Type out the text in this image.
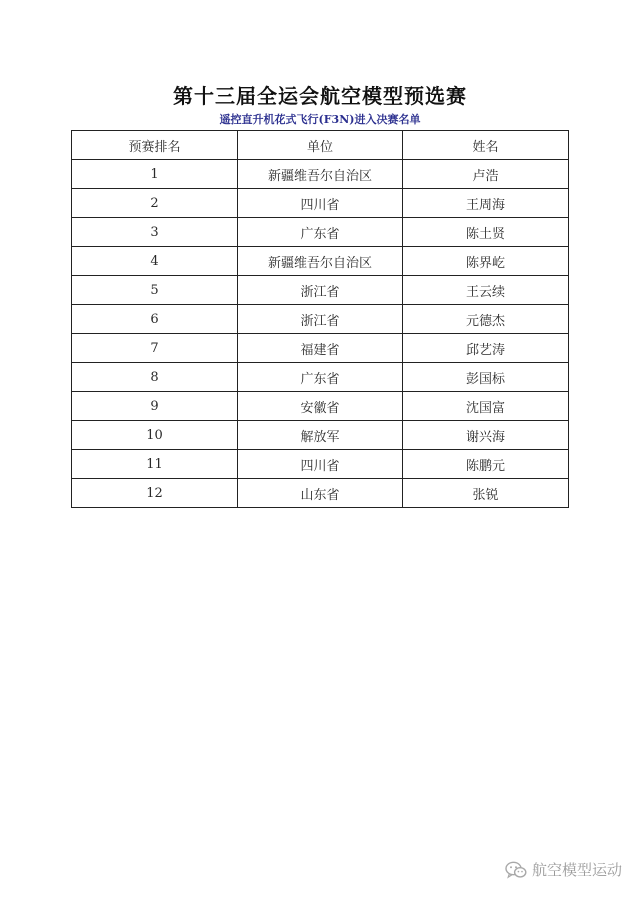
第十三届全运会航空模型预选赛
遥控直升机花式飞行(F3N)进入决赛名单
预赛排名	单位	姓名
1	新疆维吾尔自治区	卢浩
2	四川省	王周海
3	广东省	陈土贤
4	新疆维吾尔自治区	陈界屹
5	浙江省	王云续
6	浙江省	元德杰
7	福建省	邱艺涛
8	广东省	彭国标
9	安徽省	沈国富
10	解放军	谢兴海
11	四川省	陈鹏元
12	山东省	张锐
航空模型运动
